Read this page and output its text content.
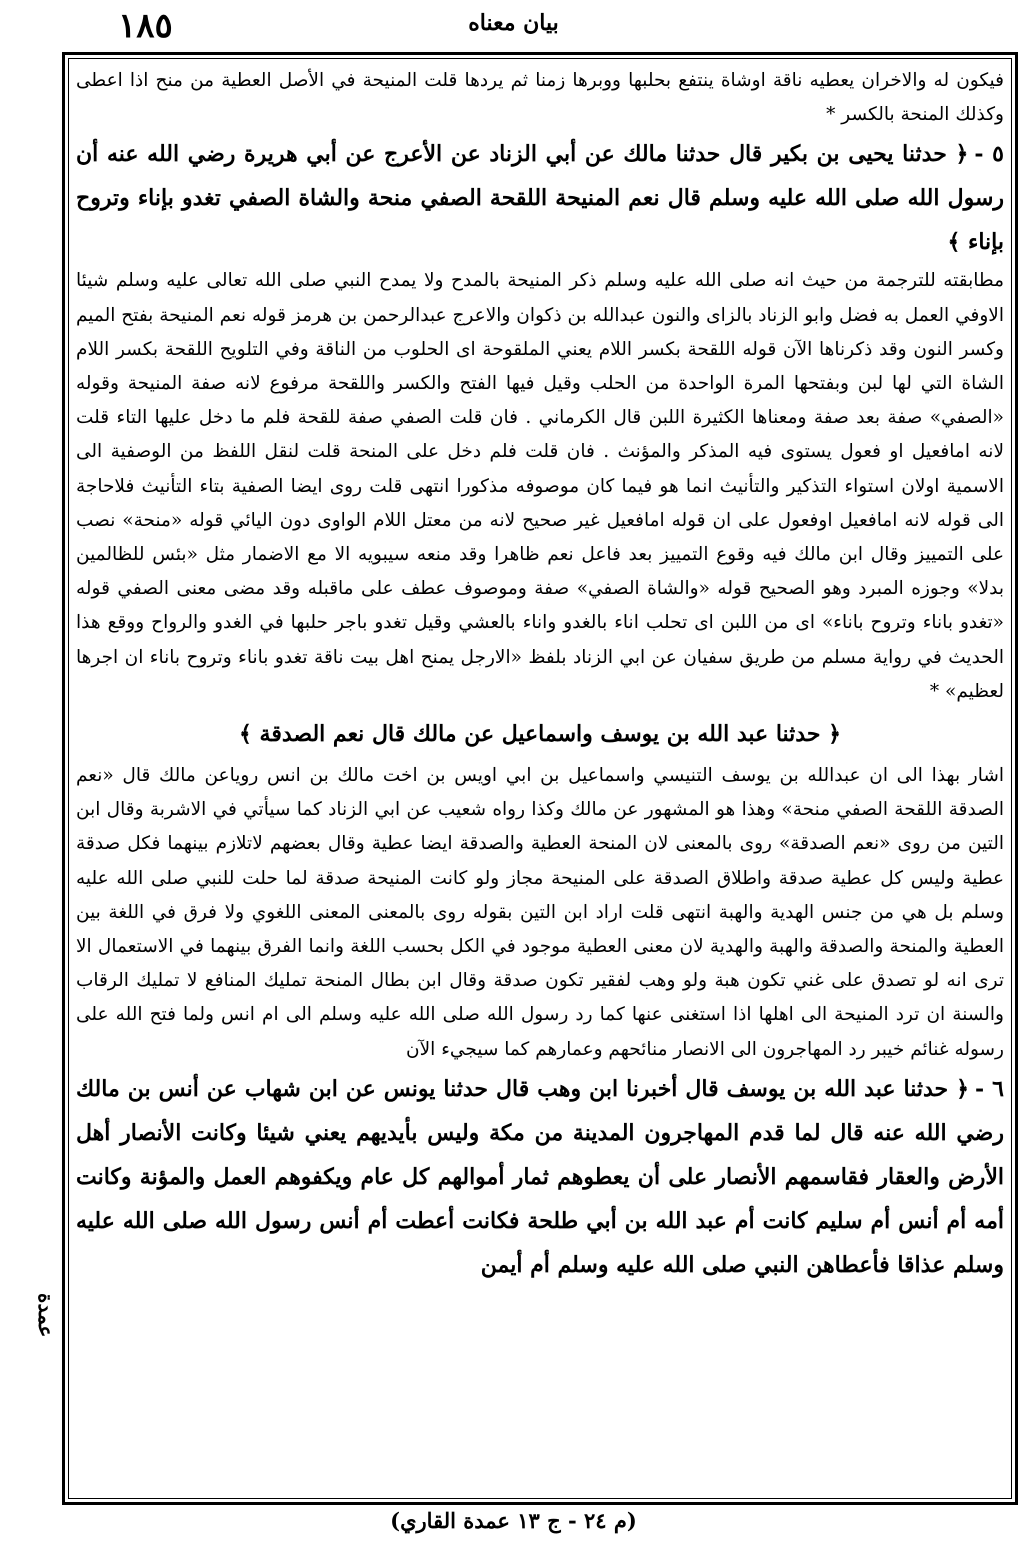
١٨٥	بيان معناه

فيكون له والاخران يعطيه ناقة اوشاة ينتفع بحلبها ووبرها زمنا ثم يردها قلت المنيحة في الأصل العطية من منح اذا اعطى وكذلك المنحة بالكسر *

٥ -﴿ حدثنا يحيى بن بكير قال حدثنا مالك عن أبي الزناد عن الأعرج عن أبي هريرة رضي الله عنه أن رسول الله صلى الله عليه وسلم قال نعم المنيحة اللقحة الصفي منحة والشاة الصفي تغدو بإناء وتروح بإناء ﴾

مطابقته للترجمة من حيث انه صلى الله عليه وسلم ذكر المنيحة بالمدح ولا يمدح النبي صلى الله تعالى عليه وسلم شيئا الاوفي العمل به فضل وابو الزناد بالزاى والنون عبدالله بن ذكوان والاعرج عبدالرحمن بن هرمز قوله نعم المنيحة بفتح الميم وكسر النون وقد ذكرناها الآن قوله اللقحة بكسر اللام يعني الملقوحة اى الحلوب من الناقة وفي التلويح اللقحة بكسر اللام الشاة التي لها لبن وبفتحها المرة الواحدة من الحلب وقيل فيها الفتح والكسر واللقحة مرفوع لانه صفة المنيحة وقوله «الصفي» صفة بعد صفة ومعناها الكثيرة اللبن قال الكرماني . فان قلت الصفي صفة للقحة فلم ما دخل عليها التاء قلت لانه امافعيل او فعول يستوى فيه المذكر والمؤنث . فان قلت فلم دخل على المنحة قلت لنقل اللفظ من الوصفية الى الاسمية اولان استواء التذكير والتأنيث انما هو فيما كان موصوفه مذكورا انتهى قلت روى ايضا الصفية بتاء التأنيث فلاحاجة الى قوله لانه امافعيل اوفعول على ان قوله امافعيل غير صحيح لانه من معتل اللام الواوى دون اليائي قوله «منحة» نصب على التمييز وقال ابن مالك فيه وقوع التمييز بعد فاعل نعم ظاهرا وقد منعه سيبويه الا مع الاضمار مثل «بئس للظالمين بدلا» وجوزه المبرد وهو الصحيح قوله «والشاة الصفي» صفة وموصوف عطف على ماقبله وقد مضى معنى الصفي قوله «تغدو باناء وتروح باناء» اى من اللبن اى تحلب اناء بالغدو واناء بالعشي وقيل تغدو باجر حلبها في الغدو والرواح ووقع هذا الحديث في رواية مسلم من طريق سفيان عن ابي الزناد بلفظ «الارجل يمنح اهل بيت ناقة تغدو باناء وتروح باناء ان اجرها لعظيم» *

﴿ حدثنا عبد الله بن يوسف واسماعيل عن مالك قال نعم الصدقة ﴾

اشار بهذا الى ان عبدالله بن يوسف التنيسي واسماعيل بن ابي اويس بن اخت مالك بن انس روياعن مالك قال «نعم الصدقة اللقحة الصفي منحة» وهذا هو المشهور عن مالك وكذا رواه شعيب عن ابي الزناد كما سيأتي في الاشربة وقال ابن التين من روى «نعم الصدقة» روى بالمعنى لان المنحة العطية والصدقة ايضا عطية وقال بعضهم لاتلازم بينهما فكل صدقة عطية وليس كل عطية صدقة واطلاق الصدقة على المنيحة مجاز ولو كانت المنيحة صدقة لما حلت للنبي صلى الله عليه وسلم بل هي من جنس الهدية والهبة انتهى قلت اراد ابن التين بقوله روى بالمعنى المعنى اللغوي ولا فرق في اللغة بين العطية والمنحة والصدقة والهبة والهدية لان معنى العطية موجود في الكل بحسب اللغة وانما الفرق بينهما في الاستعمال الا ترى انه لو تصدق على غني تكون هبة ولو وهب لفقير تكون صدقة وقال ابن بطال المنحة تمليك المنافع لا تمليك الرقاب والسنة ان ترد المنيحة الى اهلها اذا استغنى عنها كما رد رسول الله صلى الله عليه وسلم الى ام انس ولما فتح الله على رسوله غنائم خيبر رد المهاجرون الى الانصار منائحهم وعمارهم كما سيجيء الآن

٦ -﴿ حدثنا عبد الله بن يوسف قال أخبرنا ابن وهب قال حدثنا يونس عن ابن شهاب عن أنس بن مالك رضي الله عنه قال لما قدم المهاجرون المدينة من مكة وليس بأيديهم يعني شيئا وكانت الأنصار أهل الأرض والعقار فقاسمهم الأنصار على أن يعطوهم ثمار أموالهم كل عام ويكفوهم العمل والمؤنة وكانت أمه أم أنس أم سليم كانت أم عبد الله بن أبي طلحة فكانت أعطت أم أنس رسول الله صلى الله عليه وسلم عذاقا فأعطاهن النبي صلى الله عليه وسلم أم أيمن

عمدة
(م ٢٤ - ج ١٣ عمدة القاري)
